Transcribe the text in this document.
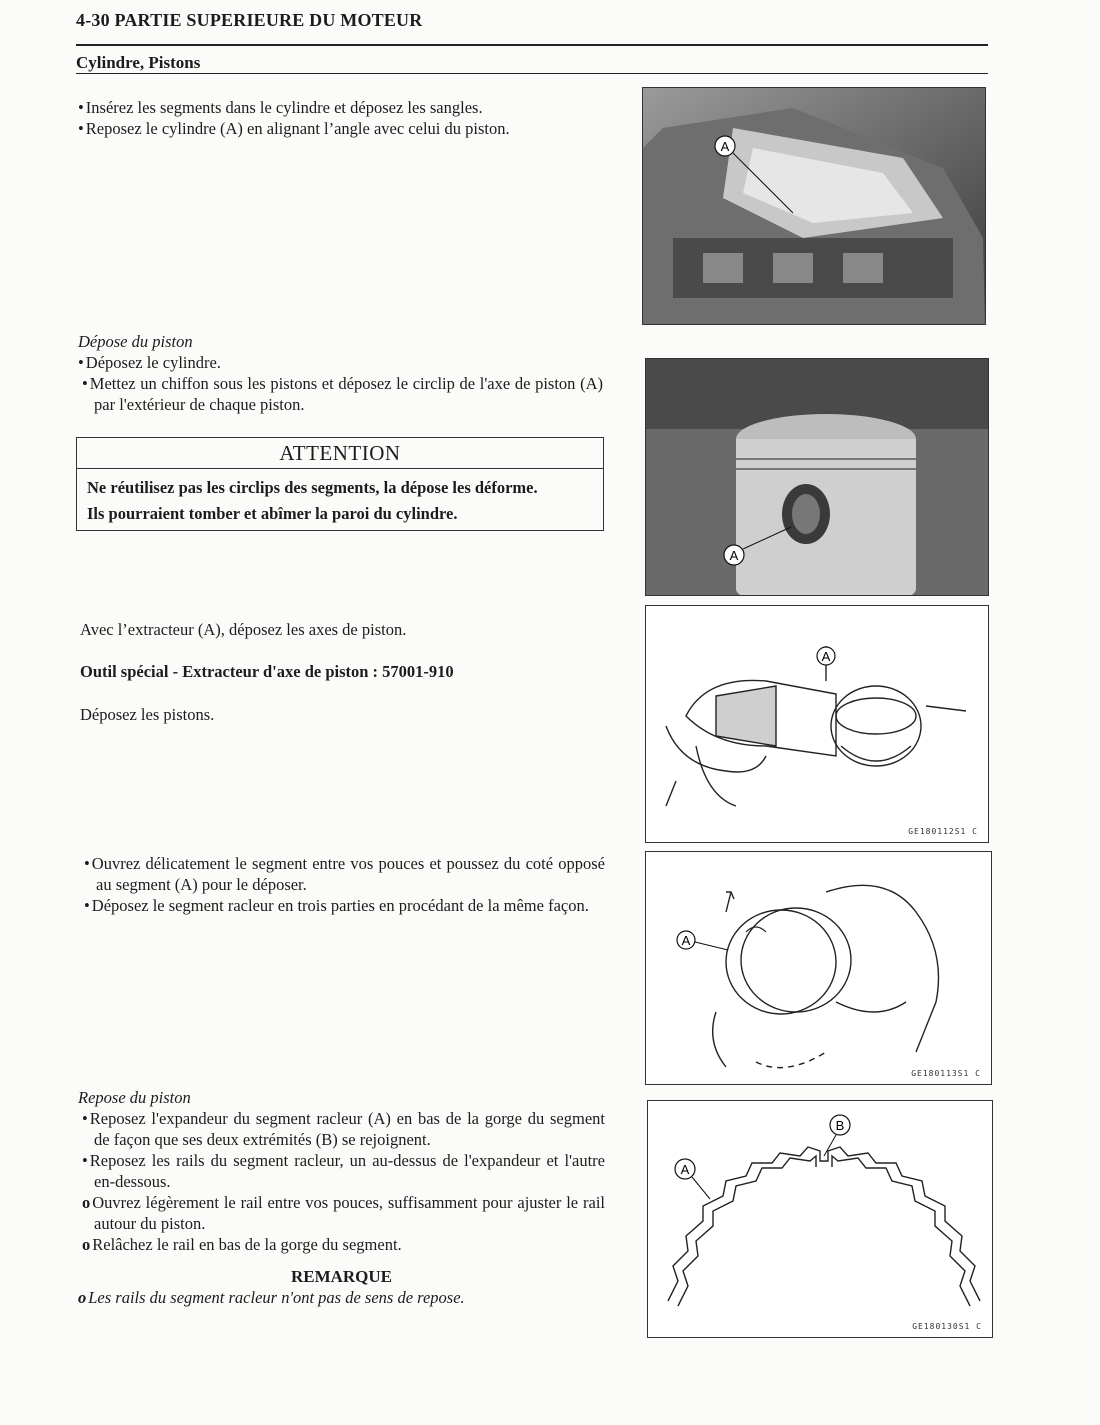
4-30 PARTIE SUPERIEURE DU MOTEUR
Cylindre, Pistons
• Insérez les segments dans le cylindre et déposez les sangles.
• Reposez le cylindre (A) en alignant l’angle avec celui du piston.
Dépose du piston
• Déposez le cylindre.
• Mettez un chiffon sous les pistons et déposez le circlip de l'axe de piston (A) par l'extérieur de chaque piston.
ATTENTION
Ne réutilisez pas les circlips des segments, la dépose les déforme.
Ils pourraient tomber et abîmer la paroi du cylindre.
Avec l’extracteur (A), déposez les axes de piston.
Outil spécial - Extracteur d'axe de piston : 57001-910
Déposez les pistons.
• Ouvrez délicatement le segment entre vos pouces et poussez du coté opposé au segment (A) pour le déposer.
• Déposez le segment racleur en trois parties en procédant de la même façon.
Repose du piston
• Reposez l'expandeur du segment racleur (A) en bas de la gorge du segment de façon que ses deux extrémités (B) se rejoignent.
• Reposez les rails du segment racleur, un au-dessus de l'expandeur et l'autre en-dessous.
o Ouvrez légèrement le rail entre vos pouces, suffisamment pour ajuster le rail autour du piston.
o Relâchez le rail en bas de la gorge du segment.
REMARQUE
o Les rails du segment racleur n'ont pas de sens de repose.
A
A
A
GE180112S1 C
A
GE180113S1 C
B
A
GE180130S1 C
